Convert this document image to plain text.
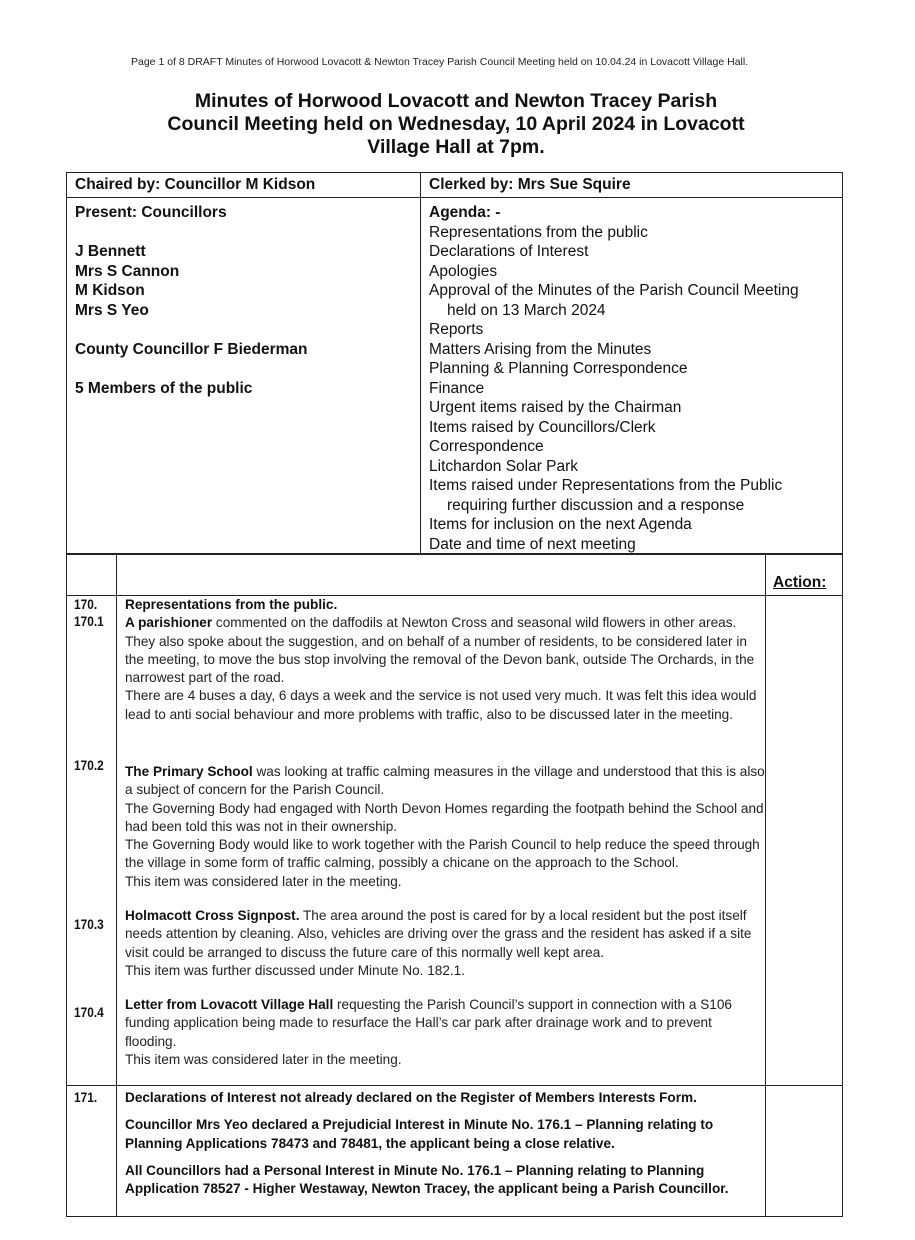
Page 1 of 8 DRAFT Minutes of Horwood Lovacott & Newton Tracey Parish Council Meeting held on 10.04.24 in Lovacott Village Hall.
Minutes of Horwood Lovacott and Newton Tracey Parish
Council Meeting held on Wednesday, 10 April 2024 in Lovacott
Village Hall at 7pm.
Chaired by: Councillor M Kidson	Clerked by: Mrs Sue Squire
Present: Councillors
J Bennett
Mrs S Cannon
M Kidson
Mrs S Yeo
County Councillor F Biederman
5 Members of the public
Agenda: -
Representations from the public
Declarations of Interest
Apologies
Approval of the Minutes of the Parish Council Meeting
held on 13 March 2024
Reports
Matters Arising from the Minutes
Planning & Planning Correspondence
Finance
Urgent items raised by the Chairman
Items raised by Councillors/Clerk
Correspondence
Litchardon Solar Park
Items raised under Representations from the Public
requiring further discussion and a response
Items for inclusion on the next Agenda
Date and time of next meeting
Action:
170.
170.1

Representations from the public.

A parishioner commented on the daffodils at Newton Cross and seasonal wild flowers in other areas. They also spoke about the suggestion, and on behalf of a number of residents, to be considered later in the meeting, to move the bus stop involving the removal of the Devon bank, outside The Orchards, in the narrowest part of the road.

There are 4 buses a day, 6 days a week and the service is not used very much. It was felt this idea would lead to anti social behaviour and more problems with traffic, also to be discussed later in the meeting.

170.2 The Primary School was looking at traffic calming measures in the village and understood that this is also a subject of concern for the Parish Council.

The Governing Body had engaged with North Devon Homes regarding the footpath behind the School and had been told this was not in their ownership.

The Governing Body would like to work together with the Parish Council to help reduce the speed through the village in some form of traffic calming, possibly a chicane on the approach to the School.

This item was considered later in the meeting.

170.3

Holmacott Cross Signpost. The area around the post is cared for by a local resident but the post itself needs attention by cleaning. Also, vehicles are driving over the grass and the resident has asked if a site visit could be arranged to discuss the future care of this normally well kept area.

This item was further discussed under Minute No. 182.1.

170.4

Letter from Lovacott Village Hall requesting the Parish Council’s support in connection with a S106 funding application being made to resurface the Hall’s car park after drainage work and to prevent flooding.

This item was considered later in the meeting.

171. Declarations of Interest not already declared on the Register of Members Interests Form.

Councillor Mrs Yeo declared a Prejudicial Interest in Minute No. 176.1 – Planning relating to Planning Applications 78473 and 78481, the applicant being a close relative.

All Councillors had a Personal Interest in Minute No. 176.1 – Planning relating to Planning Application 78527 - Higher Westaway, Newton Tracey, the applicant being a Parish Councillor.
